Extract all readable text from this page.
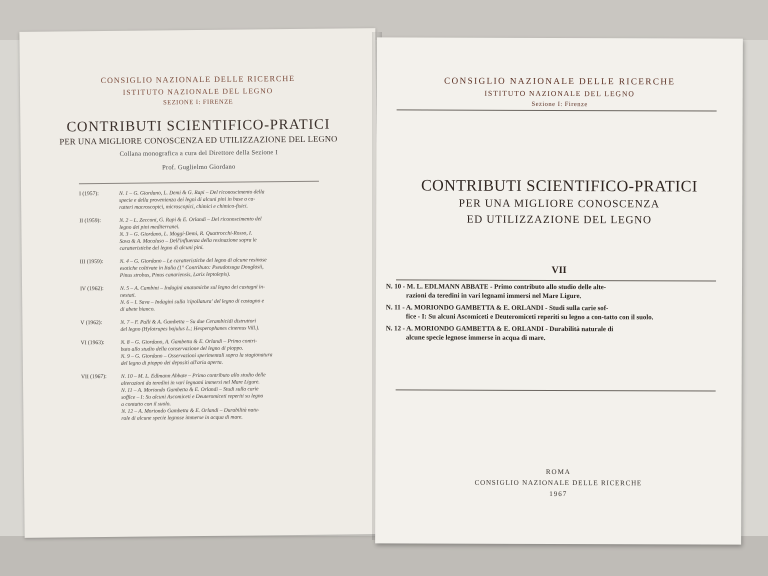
CONSIGLIO NAZIONALE DELLE RICERCHE
ISTITUTO NAZIONALE DEL LEGNO
SEZIONE I: FIRENZE
CONTRIBUTI SCIENTIFICO-PRATICI
PER UNA MIGLIORE CONOSCENZA ED UTILIZZAZIONE DEL LEGNO
Collana monografica a cura del Direttore della Sezione I
Prof. Guglielmo Giordano
I (1957):	N. 1 – G. Giordano, L. Demi & G. Rapi – Del riconoscimento della
specie e della provenienza dei legni di alcuni pini in base a ca-
ratteri macroscopici, microscopici, chimici e chimico-fisici.
II (1959):	N. 2 – L. Zecconi, G. Rapi & E. Orlandi – Del riconoscimento del
legno dei pini mediterranei.
N. 3 – G. Giordano, L. Moggi-Demi, R. Quattrocchi-Rosso, I.
Sava & A. Macaluso – Dell'influenza della resinazione sopra le
caratteristiche del legno di alcuni pini.
III (1959):	N. 4 – G. Giordano – Le caratteristiche del legno di alcune resinose
esotiche coltivate in Italia (1° Contributo: Pseudotsuga Douglasii,
Pinus strobus, Pinus canariensis, Larix leptolepis).
IV (1962):	N. 5 – A. Cambini – Indagini anatomiche sul legno dei castagni in-
nestati.
N. 6 – I. Sava – Indagini sulla 'cipollatura' del legno di castagno e
di abete bianco.
V (1962):	N. 7 – F. Palli & A. Gambetta – Su due Cerambicidi distruttori
del legno (Hylotrupes bajulus L.; Hesperophanes cinereus Vill.).
VI (1963):	N. 8 – G. Giordano, A. Gambetta & E. Orlandi – Primo contri-
buto allo studio della conservazione del legno di pioppo.
N. 9 – G. Giordano – Osservazioni sperimentali sopra la stagionatura
del legno di pioppo dei depositi all'aria aperta.
VII (1967):	N. 10 – M. L. Edlmann Abbate – Primo contributo allo studio delle
alterazioni da teredini in vari legnami immersi nel Mare Ligure.
N. 11 – A. Moriondo Gambetta & E. Orlandi – Studi sulla carie
soffice – I: Su alcuni Ascomiceti e Deuteromiceti reperiti su legno
a contatto con il suolo.
N. 12 – A. Moriondo Gambetta & E. Orlandi – Durabilità natu-
rale di alcune specie legnose immerse in acqua di mare.
CONSIGLIO NAZIONALE DELLE RICERCHE
ISTITUTO NAZIONALE DEL LEGNO
Sezione I: Firenze
CONTRIBUTI SCIENTIFICO-PRATICI
PER UNA MIGLIORE CONOSCENZA
ED UTILIZZAZIONE DEL LEGNO
VII
N. 10 - M. L. EDLMANN ABBATE - Primo contributo allo studio delle alte-
razioni da teredini in vari legnami immersi nel Mare Ligure.
N. 11 - A. MORIONDO GAMBETTA & E. ORLANDI - Studi sulla carie sof-
fice - I: Su alcuni Ascomiceti e Deuteromiceti reperiti su legno a con-tatto con il suolo.
N. 12 - A. MORIONDO GAMBETTA & E. ORLANDI - Durabilità naturale di
alcune specie legnose immerse in acqua di mare.
ROMA
CONSIGLIO NAZIONALE DELLE RICERCHE
1967
